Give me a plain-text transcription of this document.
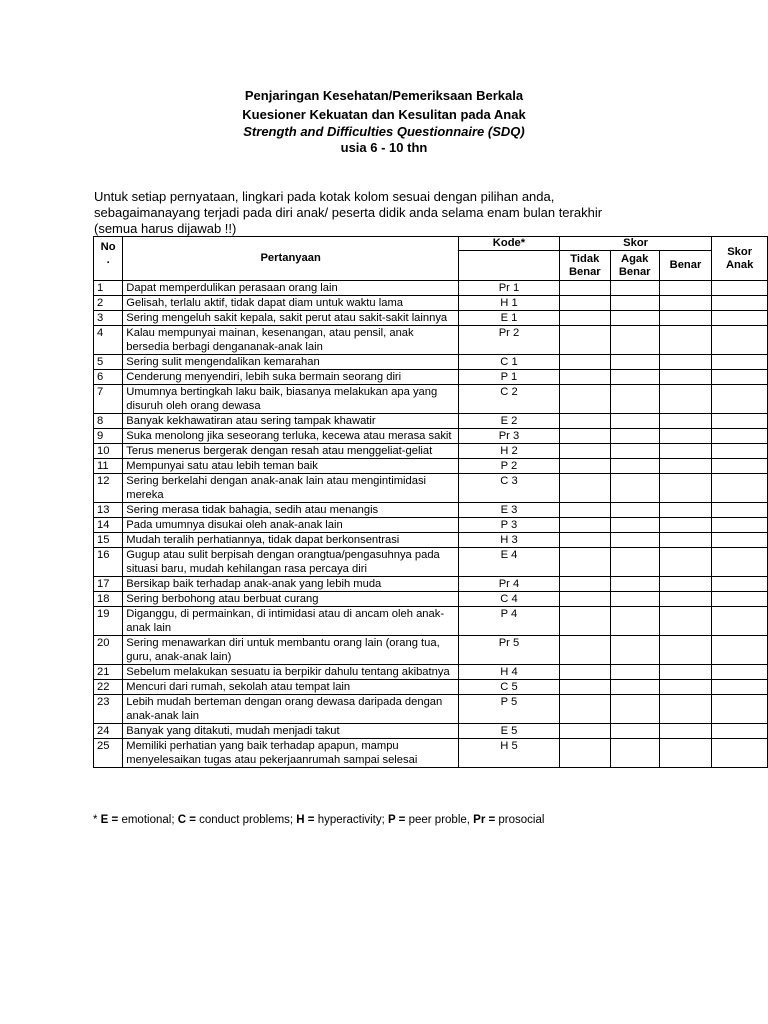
Penjaringan Kesehatan/Pemeriksaan Berkala
Kuesioner Kekuatan dan Kesulitan pada Anak
Strength and Difficulties Questionnaire (SDQ)
usia 6 - 10 thn
Untuk setiap pernyataan, lingkari pada kotak kolom sesuai dengan pilihan anda,
sebagaimanayang terjadi pada diri anak/ peserta didik anda selama enam bulan terakhir
(semua harus dijawab !!)
No
.	Pertanyaan	Kode*	Skor			Skor Anak
			Tidak Benar	Agak Benar	Benar	
1	Dapat memperdulikan perasaan orang lain	Pr 1				
2	Gelisah, terlalu aktif, tidak dapat diam untuk waktu lama	H 1				
3	Sering mengeluh sakit kepala, sakit perut atau sakit-sakit lainnya	E 1				
4	Kalau mempunyai mainan, kesenangan, atau pensil, anak bersedia berbagi dengananak-anak lain	Pr 2				
5	Sering sulit mengendalikan kemarahan	C 1				
6	Cenderung menyendiri, lebih suka bermain seorang diri	P 1				
7	Umumnya bertingkah laku baik, biasanya melakukan apa yang disuruh oleh orang dewasa	C 2				
8	Banyak kekhawatiran atau sering tampak khawatir	E 2				
9	Suka menolong jika seseorang terluka, kecewa atau merasa sakit	Pr 3				
10	Terus menerus bergerak dengan resah atau menggeliat-geliat	H 2				
11	Mempunyai satu atau lebih teman baik	P 2				
12	Sering berkelahi dengan anak-anak lain atau mengintimidasi mereka	C 3				
13	Sering merasa tidak bahagia, sedih atau menangis	E 3				
14	Pada umumnya disukai oleh anak-anak lain	P 3				
15	Mudah teralih perhatiannya, tidak dapat berkonsentrasi	H 3				
16	Gugup atau sulit berpisah dengan orangtua/pengasuhnya pada situasi baru, mudah kehilangan rasa percaya diri	E 4				
17	Bersikap baik terhadap anak-anak yang lebih muda	Pr 4				
18	Sering berbohong atau berbuat curang	C 4				
19	Diganggu, di permainkan, di intimidasi atau di ancam oleh anak-anak lain	P 4				
20	Sering menawarkan diri untuk membantu orang lain (orang tua, guru, anak-anak lain)	Pr 5				
21	Sebelum melakukan sesuatu ia berpikir dahulu tentang akibatnya	H 4				
22	Mencuri dari rumah, sekolah atau tempat lain	C 5				
23	Lebih mudah berteman dengan orang dewasa daripada dengan anak-anak lain	P 5				
24	Banyak yang ditakuti, mudah menjadi takut	E 5				
25	Memiliki perhatian yang baik terhadap apapun, mampu menyelesaikan tugas atau pekerjaanrumah sampai selesai	H 5				
* E = emotional; C = conduct problems; H = hyperactivity; P = peer proble, Pr = prosocial
